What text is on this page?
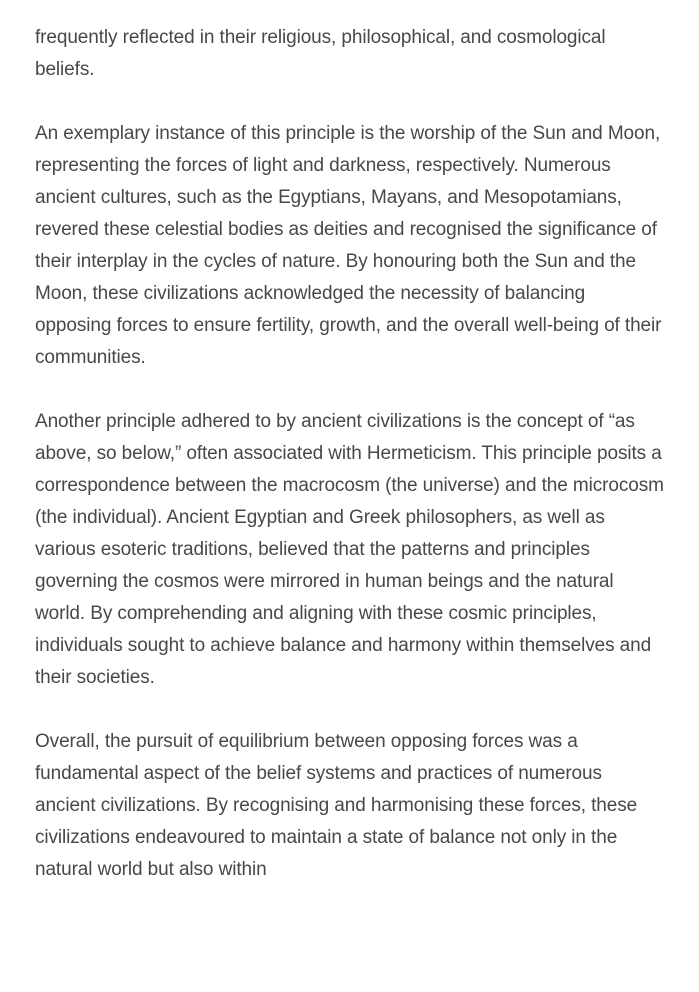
frequently reflected in their religious, philosophical, and cosmological beliefs.

An exemplary instance of this principle is the worship of the Sun and Moon, representing the forces of light and darkness, respectively. Numerous ancient cultures, such as the Egyptians, Mayans, and Mesopotamians, revered these celestial bodies as deities and recognised the significance of their interplay in the cycles of nature. By honouring both the Sun and the Moon, these civilizations acknowledged the necessity of balancing opposing forces to ensure fertility, growth, and the overall well-being of their communities.

Another principle adhered to by ancient civilizations is the concept of “as above, so below,” often associated with Hermeticism. This principle posits a correspondence between the macrocosm (the universe) and the microcosm (the individual). Ancient Egyptian and Greek philosophers, as well as various esoteric traditions, believed that the patterns and principles governing the cosmos were mirrored in human beings and the natural world. By comprehending and aligning with these cosmic principles, individuals sought to achieve balance and harmony within themselves and their societies.

Overall, the pursuit of equilibrium between opposing forces was a fundamental aspect of the belief systems and practices of numerous ancient civilizations. By recognising and harmonising these forces, these civilizations endeavoured to maintain a state of balance not only in the natural world but also within
